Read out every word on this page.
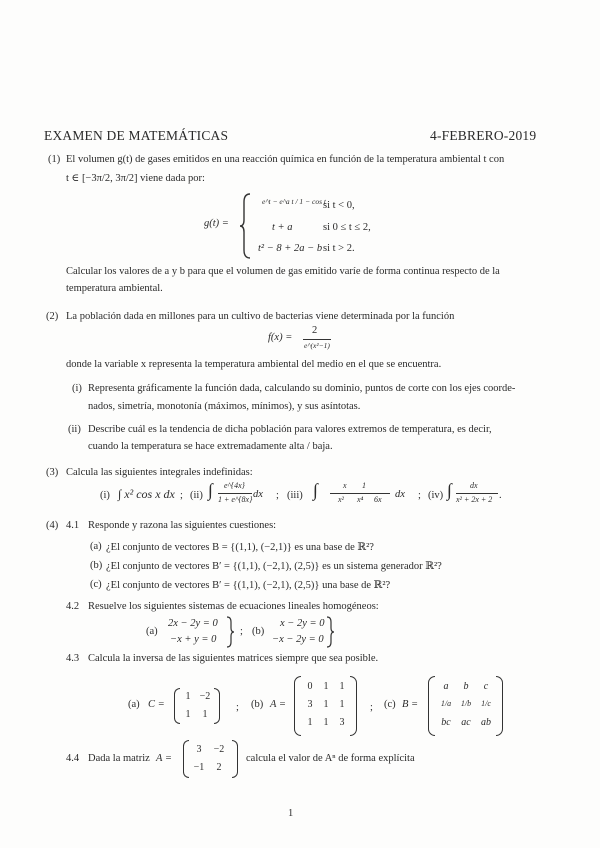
EXAMEN DE MATEMÁTICAS	4-FEBRERO-2019
(1) El volumen g(t) de gases emitidos en una reacción química en función de la temperatura ambiental t con
t ∈ [−3π/2, 3π/2] viene dada por:
g(t) =
e^t − e^a t / 1 − cos t
si t < 0,
t + a	si 0 ≤ t ≤ 2,
t² − 8 + 2a − b si t > 2.
Calcular los valores de a y b para que el volumen de gas emitido varíe de forma continua respecto de la
temperatura ambiental.
(2) La población dada en millones para un cultivo de bacterias viene determinada por la función
f(x) =
2
e^(x²−1)
donde la variable x representa la temperatura ambiental del medio en el que se encuentra.
(i) Representa gráficamente la función dada, calculando su dominio, puntos de corte con los ejes coorde-
nados, simetría, monotonía (máximos, mínimos), y sus asíntotas.
(ii) Describe cuál es la tendencia de dicha población para valores extremos de temperatura, es decir,
cuando la temperatura se hace extremadamente alta / baja.
(3) Calcula las siguientes integrales indefinidas:
(i) ∫ x² cos x dx ; (ii) ∫ e^{4x}
1 + e^{8x} dx ; (iii) ∫	x 1
x² x⁴ 6x dx ; (iv) ∫ dx
x² + 2x + 2 .
(4) 4.1 Responde y razona las siguientes cuestiones:
(a) ¿El conjunto de vectores B = {(1,1), (−2,1)} es una base de ℝ²?
(b) ¿El conjunto de vectores B′ = {(1,1), (−2,1), (2,5)} es un sistema generador ℝ²?
(c) ¿El conjunto de vectores B′ = {(1,1), (−2,1), (2,5)} una base de ℝ²?
4.2 Resuelve los siguientes sistemas de ecuaciones lineales homogéneos:
(a)
2x − 2y = 0
−x + y = 0
; (b)
x − 2y = 0
−x − 2y = 0
4.3 Calcula la inversa de las siguientes matrices siempre que sea posible.
(a) C =
1 −2
1	1
; (b) A =
0	1	1
3	1	1
1	1	3
; (c) B =
a	b	c
1/a	1/b	1/c
bc	ac	ab
4.4 Dada la matriz A =
3	−2
−1	2
calcula el valor de Aⁿ de forma explícita
1
